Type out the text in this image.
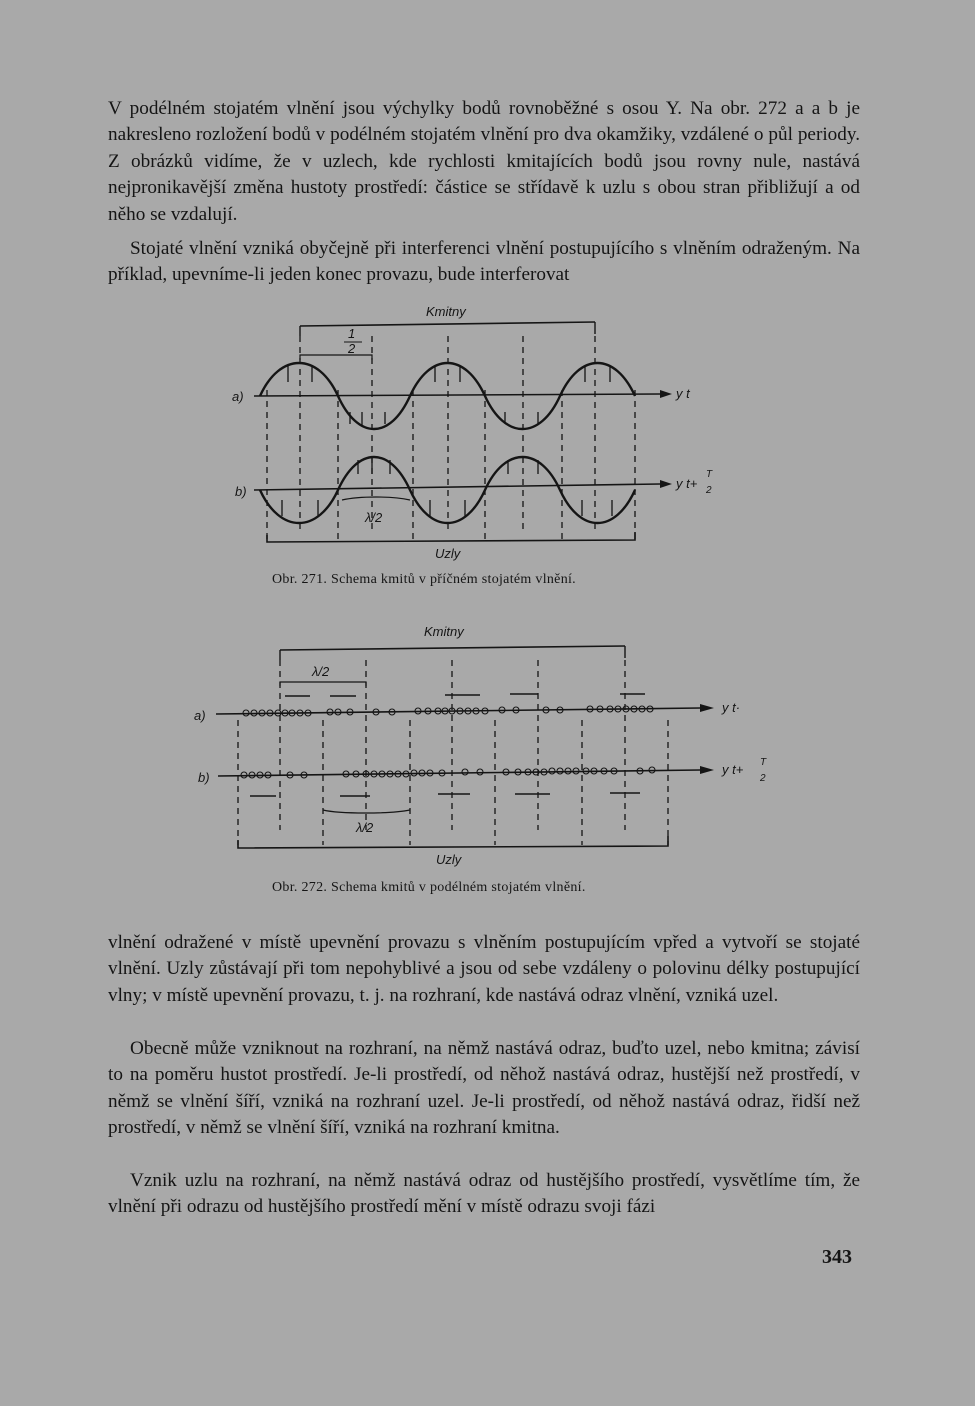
V podélném stojatém vlnění jsou výchylky bodů rovnoběžné s osou Y. Na obr. 272 a a b je nakresleno rozložení bodů v podélném stojatém vlnění pro dva okamžiky, vzdálené o půl periody. Z obrázků vidíme, že v uzlech, kde rychlosti kmitajících bodů jsou rovny nule, nastává nejpronikavější změna hustoty prostředí: částice se střídavě k uzlu s obou stran přibližují a od něho se vzdalují.

Stojaté vlnění vzniká obyčejně při interferenci vlnění postupujícího s vlněním odraženým. Na příklad, upevníme-li jeden konec provazu, bude interferovat

Kmitny
1
2
a)	y t
b)
y t+
T
2
λ/2
Uzly

Obr. 271. Schema kmitů v příčném stojatém vlnění.

Kmitny
λ/2
a)
y t·
b)
y t+ T
2
λ/2
Uzly

Obr. 272. Schema kmitů v podélném stojatém vlnění.

vlnění odražené v místě upevnění provazu s vlněním postupujícím vpřed a vytvoří se stojaté vlnění. Uzly zůstávají při tom nepohyblivé a jsou od sebe vzdáleny o polovinu délky postupující vlny; v místě upevnění provazu, t. j. na rozhraní, kde nastává odraz vlnění, vzniká uzel.

Obecně může vzniknout na rozhraní, na němž nastává odraz, buďto uzel, nebo kmitna; závisí to na poměru hustot prostředí. Je-li prostředí, od něhož nastává odraz, hustější než prostředí, v němž se vlnění šíří, vzniká na rozhraní uzel. Je-li prostředí, od něhož nastává odraz, řidší než prostředí, v němž se vlnění šíří, vzniká na rozhraní kmitna.

Vznik uzlu na rozhraní, na němž nastává odraz od hustějšího prostředí, vysvětlíme tím, že vlnění při odrazu od hustějšího prostředí mění v místě odrazu svoji fázi

343
